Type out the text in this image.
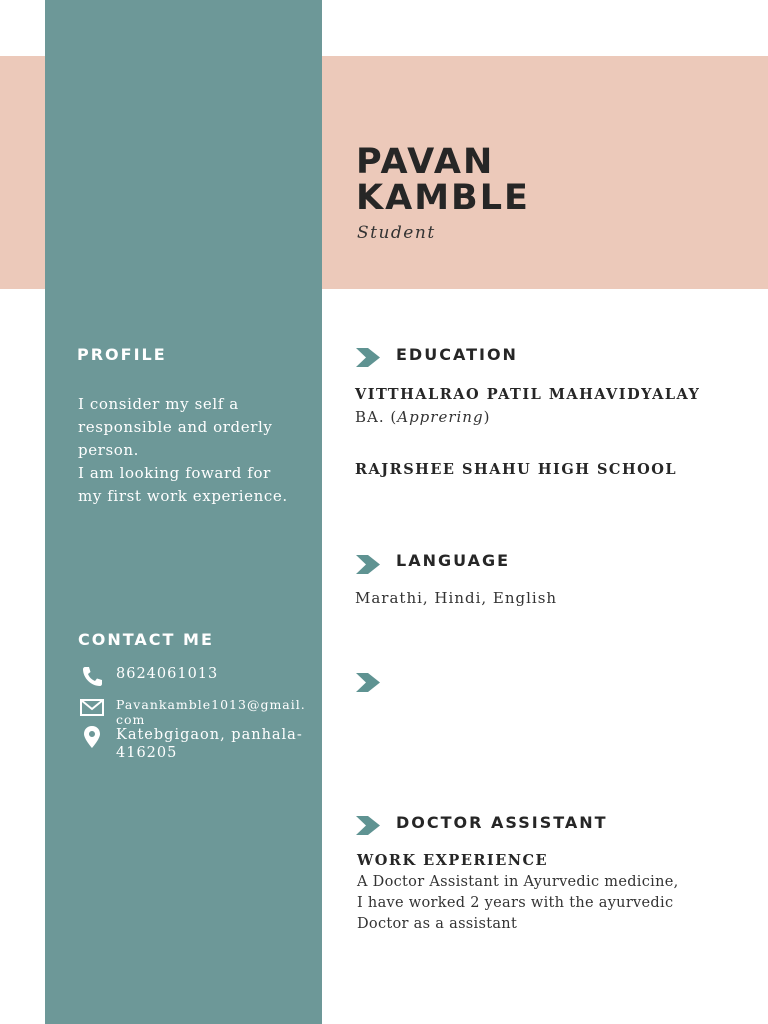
PAVAN
KAMBLE
Student
PROFILE
I consider my self a responsible and orderly person.
I am looking foward for my first work experience.
CONTACT ME
8624061013
Pavankamble1013@gmail.com
Katebgigaon, panhala-416205
EDUCATION
VITTHALRAO PATIL MAHAVIDYALAY
BA. (Apprering)
RAJRSHEE SHAHU HIGH SCHOOL
LANGUAGE
Marathi, Hindi, English
DOCTOR ASSISTANT
WORK EXPERIENCE
A Doctor Assistant in Ayurvedic medicine, I have worked 2 years with the ayurvedic Doctor as a assistant
